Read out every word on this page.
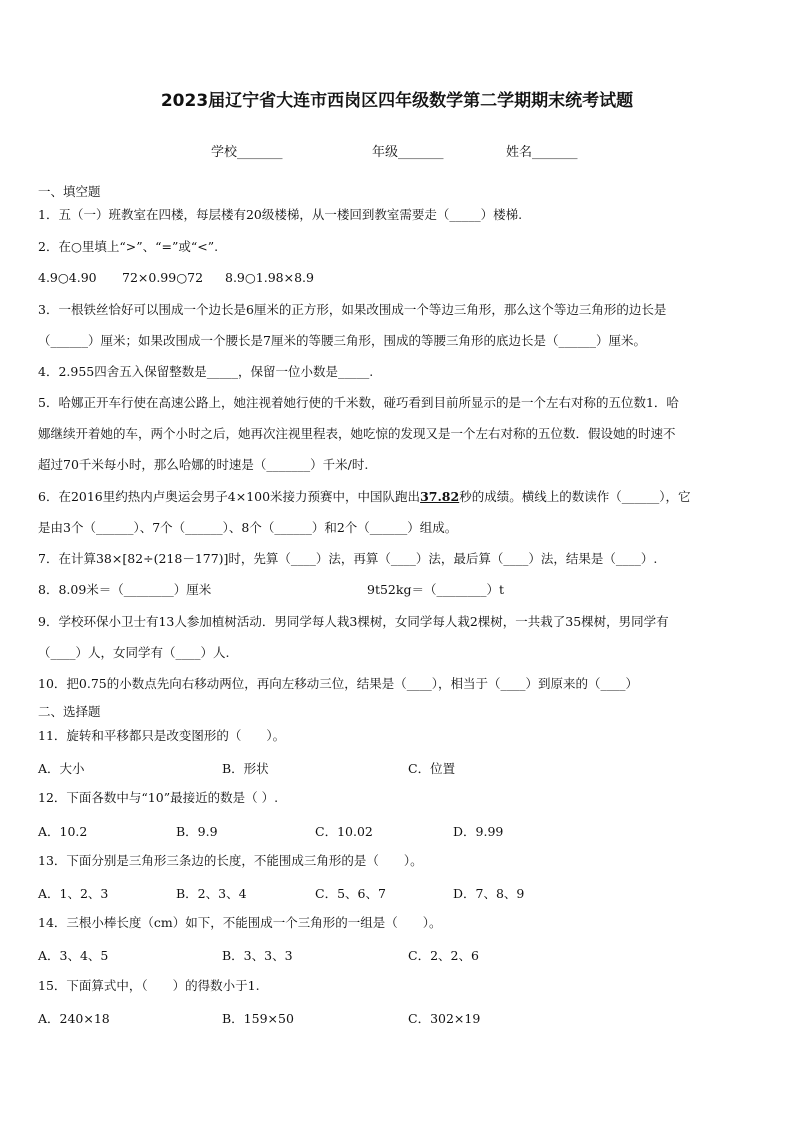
2023届辽宁省大连市西岗区四年级数学第二学期期末统考试题
学校_______	年级_______	姓名_______
一、填空题
1．五（一）班教室在四楼，每层楼有20级楼梯，从一楼回到教室需要走（_____）楼梯.
2．在○里填上“>”、“=”或“<”.
4.9○4.90 72×0.99○72 8.9○1.98×8.9
3．一根铁丝恰好可以围成一个边长是6厘米的正方形，如果改围成一个等边三角形，那么这个等边三角形的边长是
（______）厘米；如果改围成一个腰长是7厘米的等腰三角形，围成的等腰三角形的底边长是（______）厘米。
4．2.955四舍五入保留整数是_____，保留一位小数是_____.
5．哈娜正开车行使在高速公路上，她注视着她行使的千米数，碰巧看到目前所显示的是一个左右对称的五位数1．哈
娜继续开着她的车，两个小时之后，她再次注视里程表，她吃惊的发现又是一个左右对称的五位数．假设她的时速不
超过70千米每小时，那么哈娜的时速是（_______）千米/时.
6．在2016里约热内卢奥运会男子4×100米接力预赛中，中国队跑出37.82秒的成绩。横线上的数读作（______），它
是由3个（______）、7个（______）、8个（______）和2个（______）组成。
7．在计算38×[82÷(218－177)]时，先算（____）法，再算（____）法，最后算（____）法，结果是（____）.
8．8.09米＝（________）厘米	9t52kg＝（________）t
9．学校环保小卫士有13人参加植树活动．男同学每人栽3棵树，女同学每人栽2棵树，一共栽了35棵树，男同学有
（____）人，女同学有（____）人.
10．把0.75的小数点先向右移动两位，再向左移动三位，结果是（____），相当于（____）到原来的（____）
二、选择题
11．旋转和平移都只是改变图形的（　　）。
A．大小	B．形状	C．位置
12．下面各数中与“10”最接近的数是（ ）.
A．10.2	B．9.9	C．10.02	D．9.99
13．下面分别是三角形三条边的长度，不能围成三角形的是（　　）。
A．1、2、3	B．2、3、4	C．5、6、7	D．7、8、9
14．三根小棒长度（cm）如下，不能围成一个三角形的一组是（　　）。
A．3、4、5	B．3、3、3	C．2、2、6
15．下面算式中，（　　）的得数小于1.
A．240×18	B．159×50	C．302×19
